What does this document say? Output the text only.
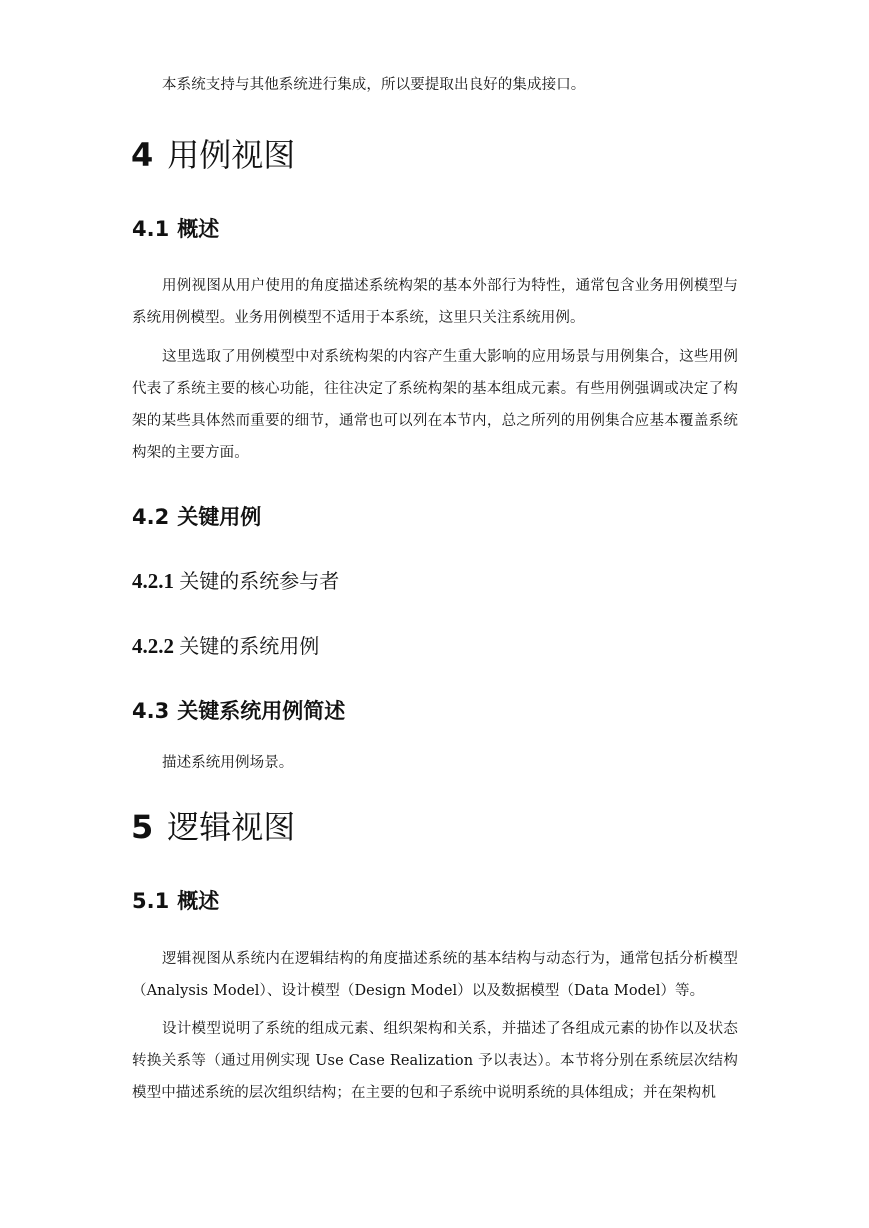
本系统支持与其他系统进行集成，所以要提取出良好的集成接口。

4 用例视图
4.1 概述

用例视图从用户使用的角度描述系统构架的基本外部行为特性，通常包含业务用例模型与系统用例模型。业务用例模型不适用于本系统，这里只关注系统用例。

这里选取了用例模型中对系统构架的内容产生重大影响的应用场景与用例集合，这些用例代表了系统主要的核心功能，往往决定了系统构架的基本组成元素。有些用例强调或决定了构架的某些具体然而重要的细节，通常也可以列在本节内，总之所列的用例集合应基本覆盖系统构架的主要方面。

4.2 关键用例
4.2.1 关键的系统参与者
4.2.2 关键的系统用例
4.3 关键系统用例简述

描述系统用例场景。

5 逻辑视图
5.1 概述

逻辑视图从系统内在逻辑结构的角度描述系统的基本结构与动态行为，通常包括分析模型（Analysis Model）、设计模型（Design Model）以及数据模型（Data Model）等。

设计模型说明了系统的组成元素、组织架构和关系，并描述了各组成元素的协作以及状态转换关系等（通过用例实现 Use Case Realization 予以表达）。本节将分别在系统层次结构模型中描述系统的层次组织结构；在主要的包和子系统中说明系统的具体组成；并在架构机
